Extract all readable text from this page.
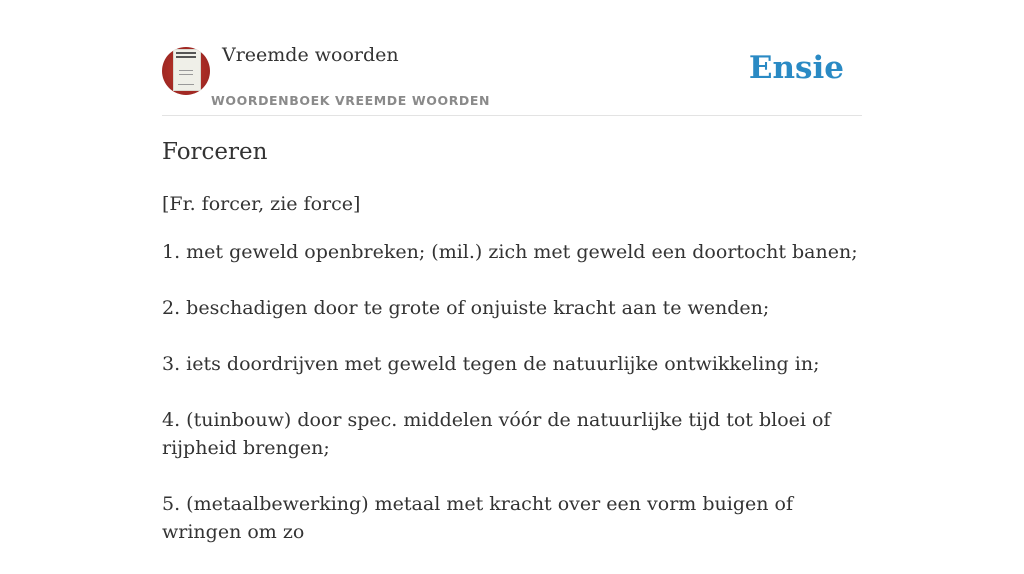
Vreemde woorden
WOORDENBOEK VREEMDE WOORDEN
Ensie
Forceren
[Fr. forcer, zie force]
1. met geweld openbreken; (mil.) zich met geweld een doortocht banen;
2. beschadigen door te grote of onjuiste kracht aan te wenden;
3. iets doordrijven met geweld tegen de natuurlijke ontwikkeling in;
4. (tuinbouw) door spec. middelen vóór de natuurlijke tijd tot bloei of rijpheid brengen;
5. (metaalbewerking) metaal met kracht over een vorm buigen of wringen om zo
